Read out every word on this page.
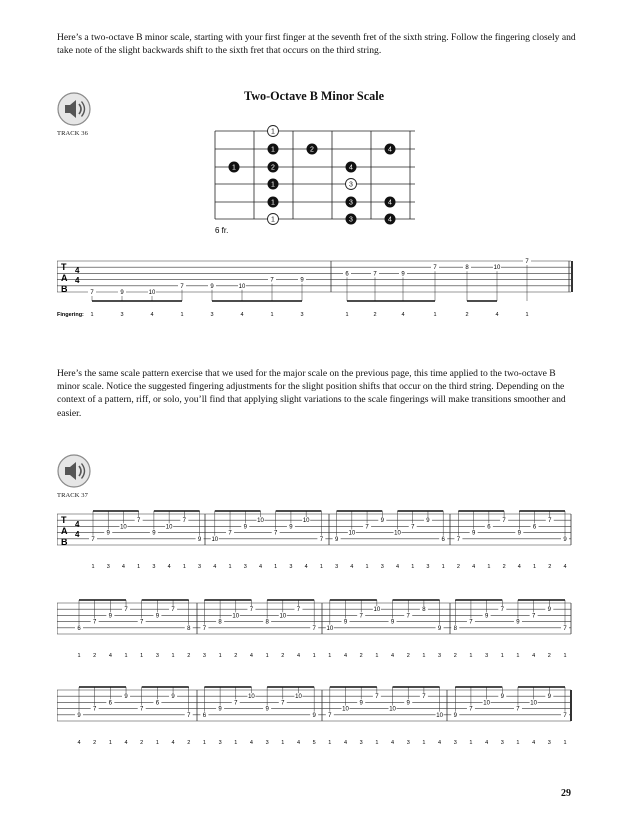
Here’s a two-octave B minor scale, starting with your first finger at the seventh fret of the sixth string. Follow the fingering closely and take note of the slight backwards shift to the sixth fret that occurs on the third string.

TRACK 36
Two-Octave B Minor Scale
1
1	2	4
1	2	4
1	3
1	3	4
1	3	4
6 fr.
7	9	10
7	9	10
7	9
6	7	9
7	8	10
7
T
A
B
4
4
Fingering: 1	3	4	1	3	4	1	3	1	2	4	1	2	4	1

Here’s the same scale pattern exercise that we used for the major scale on the previous page, this time applied to the two-octave B minor scale. Notice the suggested fingering adjustments for the slight position shifts that occur on the third string. Depending on the context of a pattern, riff, or solo, you’ll find that applying slight variations to the scale fingerings will make transitions smoother and easier.

TRACK 37
7
9
10
7
9
10
7
9 10
7
9
10
7
9
10
7 9
10
7
9
10
7
9
6 7
9
6
7
9
6
7
9
6
7
9
7
7
9
7
8 7
8
10
7
8
10
7
7 10
9
7
10
9
7
8
9 8
7
9
7
9
7
9
7
9
7
6
9
7
6
9
7 6
9
7
10
9
7
10
9 7
10
9
7
10
9
7
10 9
7
10
9
7
10
9
7
1 3 4 1 3 4 1 3 4 1 3 4 1 3 4 1 3 4 1 3 4 1 3 1 2 4 1 2 4 1 2 4
1 2 4 1 1 3 1 2 3 1 2 4 1 2 4 1 1 4 2 1 4 2 1 3 2 1 3 1 1 4 2 1
4 2 1 4 2 1 4 2 1 3 1 4 3 1 4 5 1 4 3 1 4 3 1 4 3 1 4 3 1 4 3 1
T
A
B
4
4
29
